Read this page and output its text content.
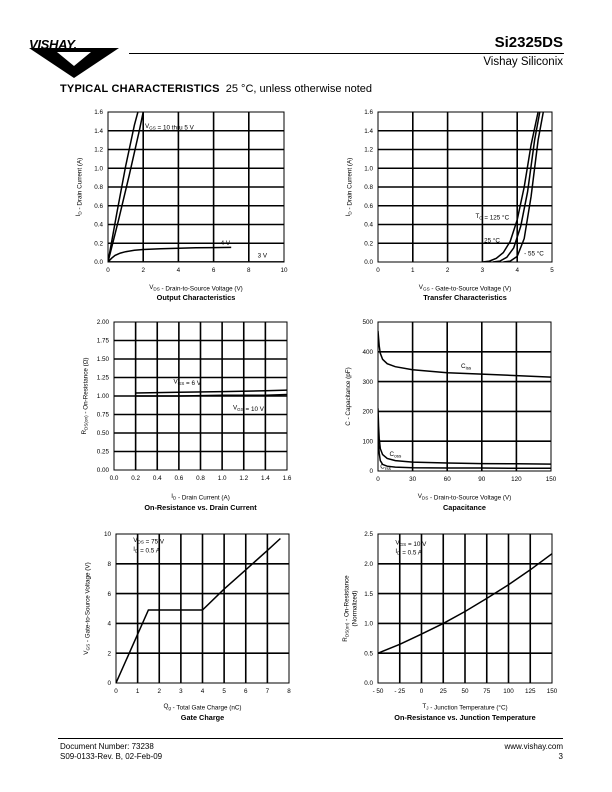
VISHAY.	Si2325DS
Vishay Siliconix
TYPICAL CHARACTERISTICS 25 °C, unless otherwise noted
0	2	4	6	8	10
0.0
0.2
0.4
0.6
0.8
1.0
1.2
1.4
1.6
$V_{DS}$ - Drain-to-Source Voltage (V)
$I_D$ - Drain Current (A)
Output Characteristics
$V_{GS} = 10$ thru 5 V
4 V
3 V
0	1	2	3	4	5
0.0
0.2
0.4
0.6
0.8
1.0
1.2
1.4
1.6
$V_{GS}$ - Gate-to-Source Voltage (V)
$I_D$ - Drain Current (A)
Transfer Characteristics
$T_C = 125$ °C
25 °C
- 55 °C
0.0 0.2 0.4 0.6 0.8 1.0 1.2 1.4 1.6
0.00
0.25
0.50
0.75
1.00
1.25
1.50
1.75
2.00
$I_D$ - Drain Current (A)
$R_{DS(on)}$ - On-Resistance (Ω)
On-Resistance vs. Drain Current
$V_{GS} = 6$ V
$V_{GS} = 10$ V
0	30	60	90	120	150
0
100
200
300
400
500
$V_{DS}$ - Drain-to-Source Voltage (V)
C - Capacitance (pF)
Capacitance
$C_{iss}$
$C_{oss}$
$C_{rss}$
0	1	2	3	4	5	6	7	8
0
2
4
6
8
10
$Q_g$ - Total Gate Charge (nC)
$V_{GS}$ - Gate-to-Source Voltage (V)
Gate Charge
$V_{DS} = 75$ V
$I_D = 0.5$ A
- 50 - 25 0	25 50 75 100 125 150
0.0
0.5
1.0
1.5
2.0
2.5
$T_J$ - Junction Temperature (°C)
$R_{DS(on)}$ - On-Resistance(Normalized)
On-Resistance vs. Junction Temperature
$V_{GS} = 10$ V
$I_D = 0.5$ A
Document Number: 73238
S09-0133-Rev. B, 02-Feb-09
www.vishay.com
3
